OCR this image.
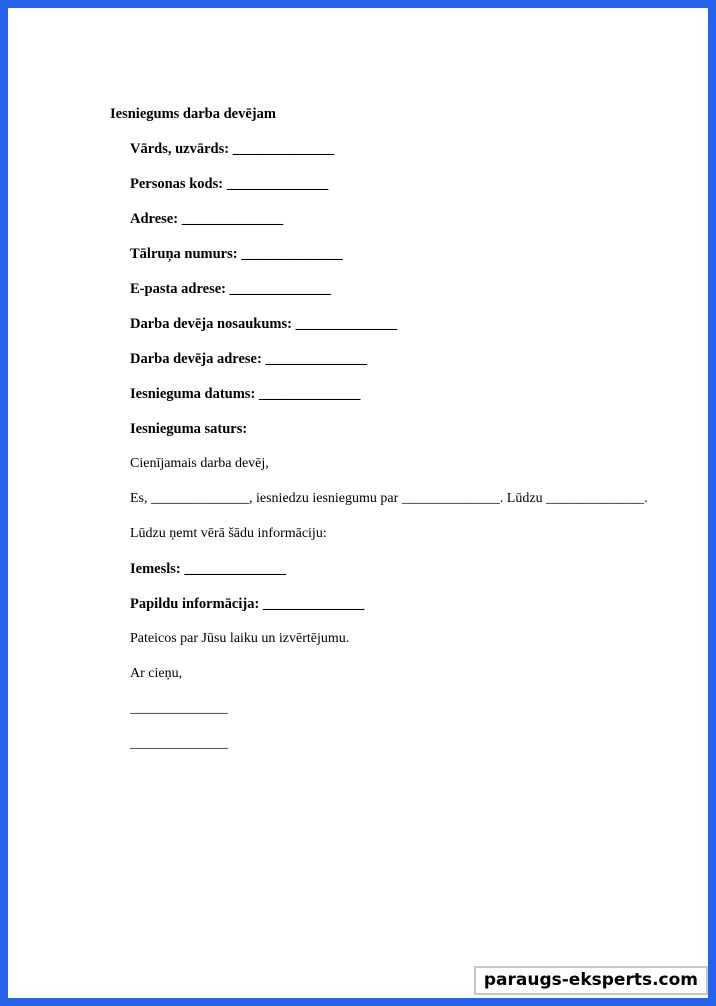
Iesniegums darba devējam
Vārds, uzvārds: ______________
Personas kods: ______________
Adrese: ______________
Tālruņa numurs: ______________
E-pasta adrese: ______________
Darba devēja nosaukums: ______________
Darba devēja adrese: ______________
Iesnieguma datums: ______________
Iesnieguma saturs:
Cienījamais darba devēj,
Es, ______________, iesniedzu iesniegumu par ______________. Lūdzu ______________.
Lūdzu ņemt vērā šādu informāciju:
Iemesls: ______________
Papildu informācija: ______________
Pateicos par Jūsu laiku un izvērtējumu.
Ar cieņu,
______________
______________
paraugs-eksperts.com
